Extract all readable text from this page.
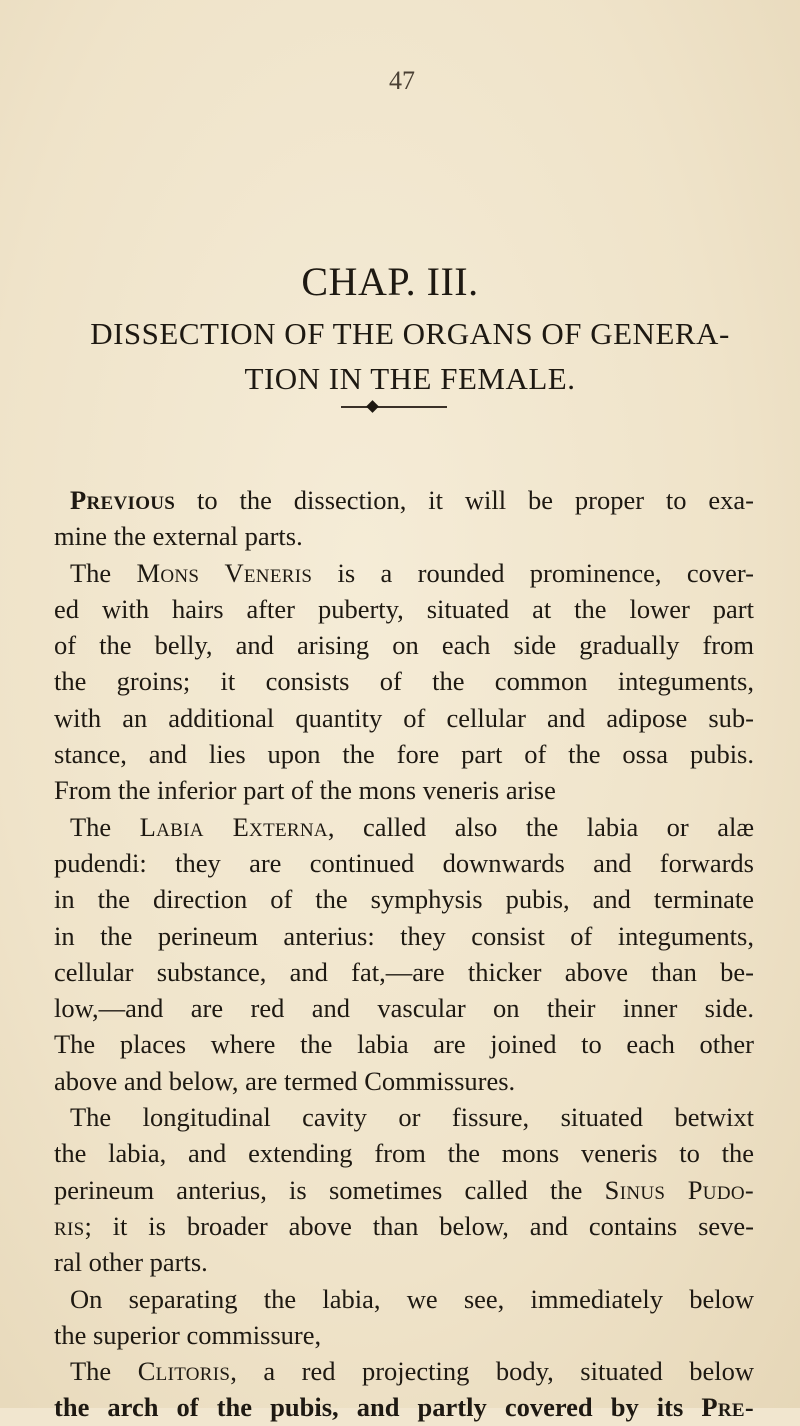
47
CHAP. III.
DISSECTION OF THE ORGANS OF GENERA-
TION IN THE FEMALE.
Previous to the dissection, it will be proper to exa-
mine the external parts.
The Mons Veneris is a rounded prominence, cover-
ed with hairs after puberty, situated at the lower part
of the belly, and arising on each side gradually from
the groins; it consists of the common integuments,
with an additional quantity of cellular and adipose sub-
stance, and lies upon the fore part of the ossa pubis.
From the inferior part of the mons veneris arise
The Labia Externa, called also the labia or alæ
pudendi: they are continued downwards and forwards
in the direction of the symphysis pubis, and terminate
in the perineum anterius: they consist of integuments,
cellular substance, and fat,—are thicker above than be-
low,—and are red and vascular on their inner side.
The places where the labia are joined to each other
above and below, are termed Commissures.
The longitudinal cavity or fissure, situated betwixt
the labia, and extending from the mons veneris to the
perineum anterius, is sometimes called the Sinus Pudo-
ris; it is broader above than below, and contains seve-
ral other parts.
On separating the labia, we see, immediately below
the superior commissure,
The Clitoris, a red projecting body, situated below
the arch of the pubis, and partly covered by its Pre-
